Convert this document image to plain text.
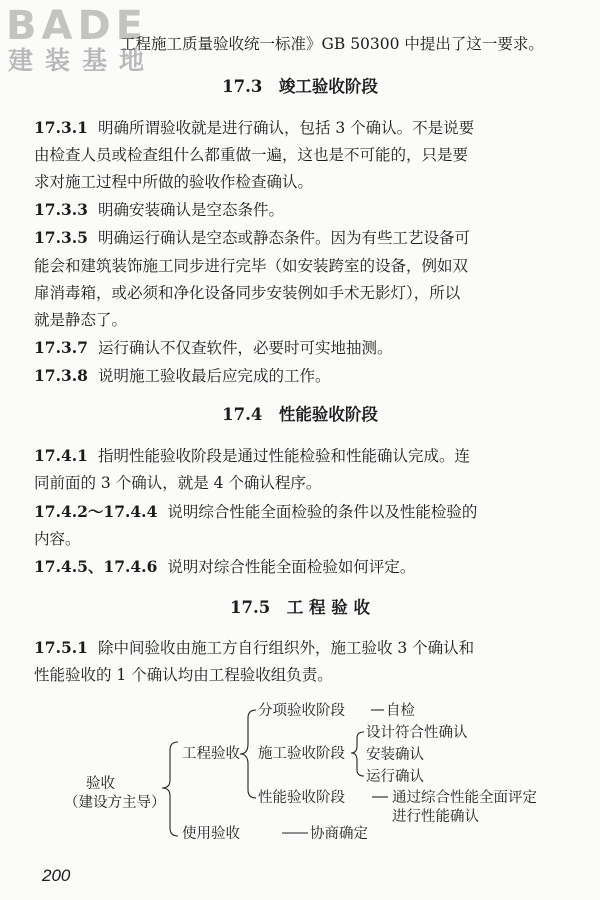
BADE
建装基地
工程施工质量验收统一标准》GB 50300 中提出了这一要求。
17.3　竣工验收阶段
17.3.1 明确所谓验收就是进行确认，包括 3 个确认。不是说要
由检查人员或检查组什么都重做一遍，这也是不可能的，只是要
求对施工过程中所做的验收作检查确认。
17.3.3 明确安装确认是空态条件。
17.3.5 明确运行确认是空态或静态条件。因为有些工艺设备可
能会和建筑装饰施工同步进行完毕（如安装跨室的设备，例如双
扉消毒箱，或必须和净化设备同步安装例如手术无影灯），所以
就是静态了。
17.3.7 运行确认不仅查软件，必要时可实地抽测。
17.3.8 说明施工验收最后应完成的工作。
17.4　性能验收阶段
17.4.1 指明性能验收阶段是通过性能检验和性能确认完成。连
同前面的 3 个确认，就是 4 个确认程序。
17.4.2～17.4.4 说明综合性能全面检验的条件以及性能检验的
内容。
17.4.5、17.4.6 说明对综合性能全面检验如何评定。
17.5　工 程 验 收
17.5.1 除中间验收由施工方自行组织外，施工验收 3 个确认和
性能验收的 1 个确认均由工程验收组负责。
验收
（建设方主导）
工程验收
分项验收阶段	自检
施工验收阶段
设计符合性确认
安装确认
运行确认
性能验收阶段	通过综合性能全面评定
进行性能确认
使用验收	协商确定
200
